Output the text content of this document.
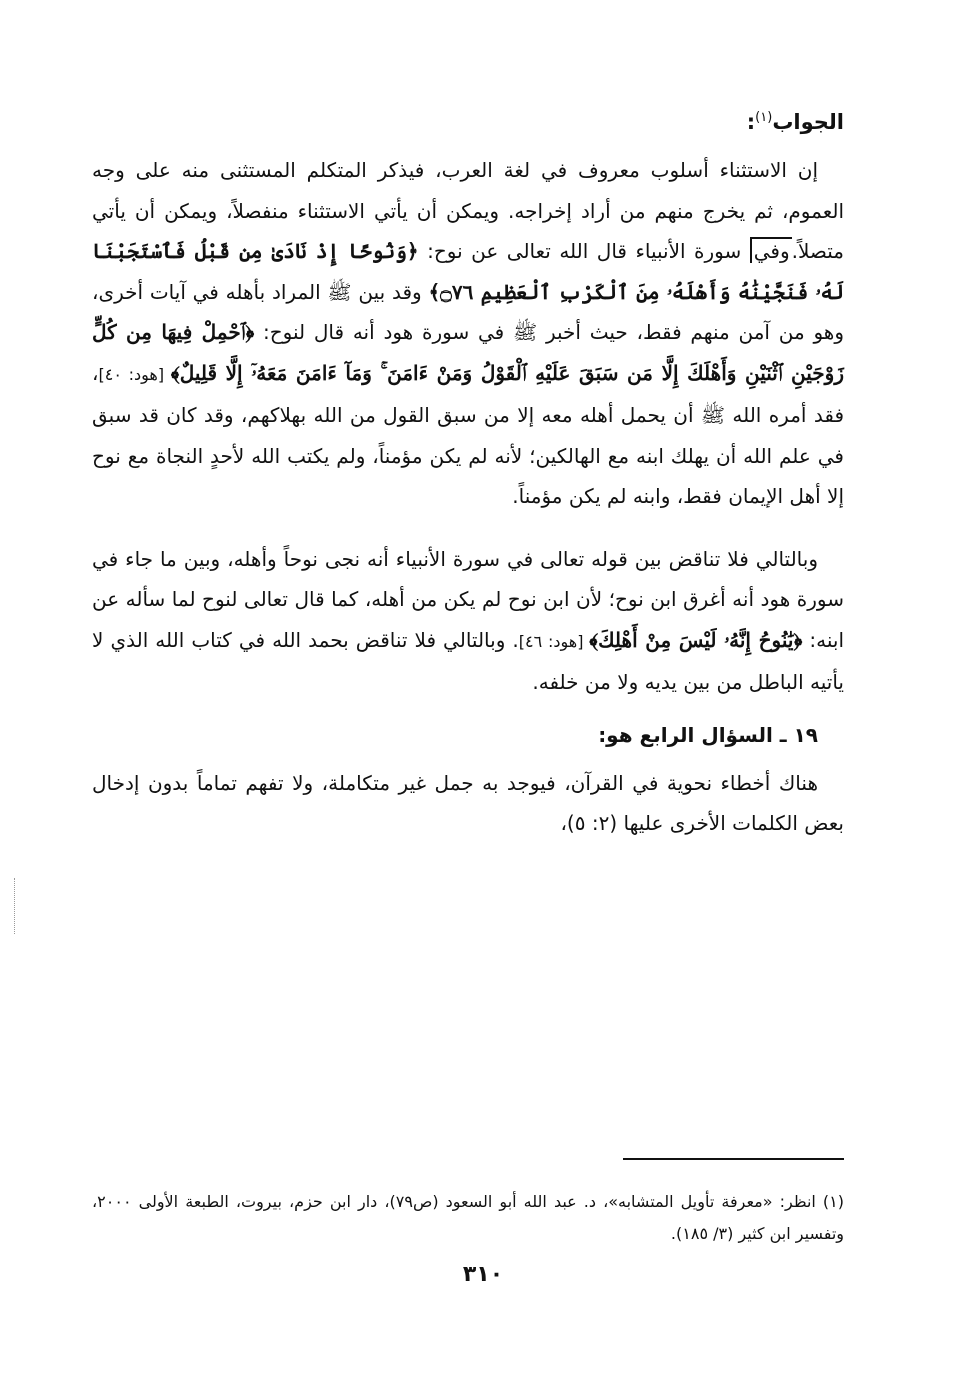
الجواب$^{(١)}$:

إن الاستثناء أسلوب معروف في لغة العرب، فيذكر المتكلم المستثنى منه على وجه العموم، ثم يخرج منهم من أراد إخراجه. ويمكن أن يأتي الاستثناء منفصلاً، ويمكن أن يأتي متصلاً.وفي سورة الأنبياء قال الله تعالى عن نوح: ﴿وَنُوحًا إِذْ نَادَىٰ مِن قَبْلُ فَٱسْتَجَبْنَا لَهُۥ فَنَجَّيْنَٰهُ وَأَهْلَهُۥ مِنَ ٱلْكَرْبِ ٱلْعَظِيمِ ۝٧٦﴾ وقد بين ﷺ المراد بأهله في آيات أخرى، وهو من آمن منهم فقط، حيث أخبر ﷺ في سورة هود أنه قال لنوح: ﴿ٱحْمِلْ فِيهَا مِن كُلٍّ زَوْجَيْنِ ٱثْنَيْنِ وَأَهْلَكَ إِلَّا مَن سَبَقَ عَلَيْهِ ٱلْقَوْلُ وَمَنْ ءَامَنَ ۚ وَمَآ ءَامَنَ مَعَهُۥٓ إِلَّا قَلِيلٌ﴾ [هود: ٤٠]، فقد أمره الله ﷺ أن يحمل أهله معه إلا من سبق القول من الله بهلاكهم، وقد كان قد سبق في علم الله أن يهلك ابنه مع الهالكين؛ لأنه لم يكن مؤمناً، ولم يكتب الله لأحدٍ النجاة مع نوح إلا أهل الإيمان فقط، وابنه لم يكن مؤمناً.

وبالتالي فلا تناقض بين قوله تعالى في سورة الأنبياء أنه نجى نوحاً وأهله، وبين ما جاء في سورة هود أنه أغرق ابن نوح؛ لأن ابن نوح لم يكن من أهله، كما قال تعالى لنوح لما سأله عن ابنه: ﴿يَٰنُوحُ إِنَّهُۥ لَيْسَ مِنْ أَهْلِكَ﴾ [هود: ٤٦]. وبالتالي فلا تناقض بحمد الله في كتاب الله الذي لا يأتيه الباطل من بين يديه ولا من خلفه.

١٩ ـ السؤال الرابع هو:

هناك أخطاء نحوية في القرآن، فيوجد به جمل غير متكاملة، ولا تفهم تماماً بدون إدخال بعض الكلمات الأخرى عليها (٢: ٥)،

(١) انظر: «معرفة تأويل المتشابه»، د. عبد الله أبو السعود (ص٧٩)، دار ابن حزم، بيروت، الطبعة الأولى ٢٠٠٠، وتفسير ابن كثير (٣/ ١٨٥).

٣١٠
